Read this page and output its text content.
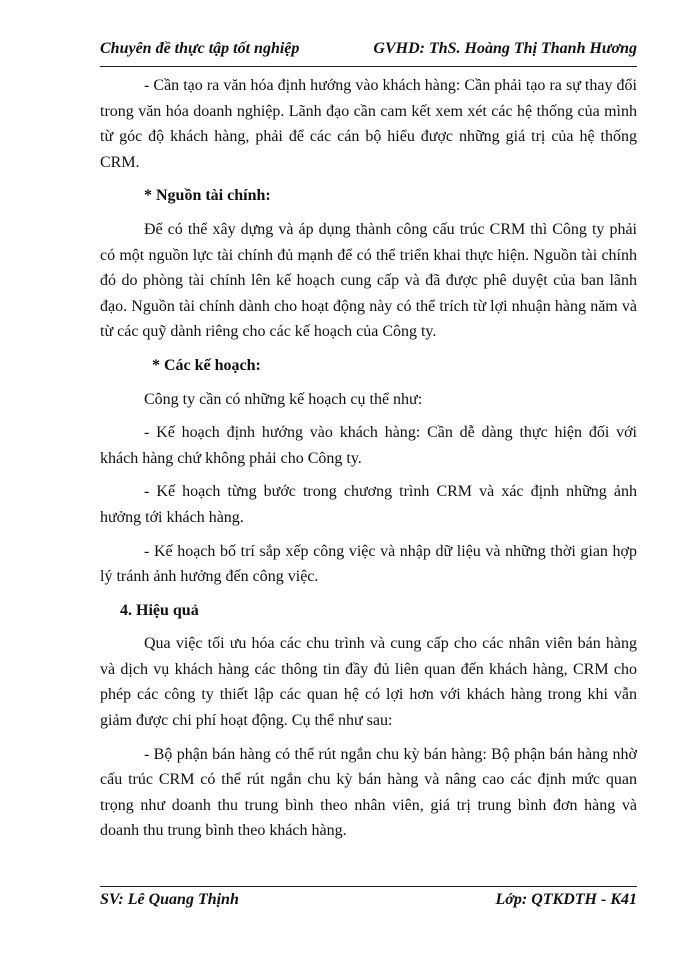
Chuyên đề thực tập tốt nghiệp	GVHD: ThS. Hoàng Thị Thanh Hương

- Cần tạo ra văn hóa định hướng vào khách hàng: Cần phải tạo ra sự thay đổi trong văn hóa doanh nghiệp. Lãnh đạo cần cam kết xem xét các hệ thống của mình từ góc độ khách hàng, phải để các cán bộ hiểu được những giá trị của hệ thống CRM.

* Nguồn tài chính:

Để có thể xây dựng và áp dụng thành công cấu trúc CRM thì Công ty phải có một nguồn lực tài chính đủ mạnh để có thể triển khai thực hiện. Nguồn tài chính đó do phòng tài chính lên kế hoạch cung cấp và đã được phê duyệt của ban lãnh đạo. Nguồn tài chính dành cho hoạt động này có thể trích từ lợi nhuận hàng năm và từ các quỹ dành riêng cho các kế hoạch của Công ty.

* Các kế hoạch:

Công ty cần có những kế hoạch cụ thể như:

- Kế hoạch định hướng vào khách hàng: Cần dễ dàng thực hiện đối với khách hàng chứ không phải cho Công ty.

- Kế hoạch từng bước trong chương trình CRM và xác định những ảnh hưởng tới khách hàng.

- Kế hoạch bố trí sắp xếp công việc và nhập dữ liệu và những thời gian hợp lý tránh ảnh hưởng đến công việc.

4. Hiệu quả

Qua việc tối ưu hóa các chu trình và cung cấp cho các nhân viên bán hàng và dịch vụ khách hàng các thông tin đầy đủ liên quan đến khách hàng, CRM cho phép các công ty thiết lập các quan hệ có lợi hơn với khách hàng trong khi vẫn giảm được chi phí hoạt động. Cụ thể như sau:

- Bộ phận bán hàng có thể rút ngắn chu kỳ bán hàng: Bộ phận bán hàng nhờ cấu trúc CRM có thể rút ngắn chu kỳ bán hàng và nâng cao các định mức quan trọng như doanh thu trung bình theo nhân viên, giá trị trung bình đơn hàng và doanh thu trung bình theo khách hàng.

SV: Lê Quang Thịnh	Lớp: QTKDTH - K41
